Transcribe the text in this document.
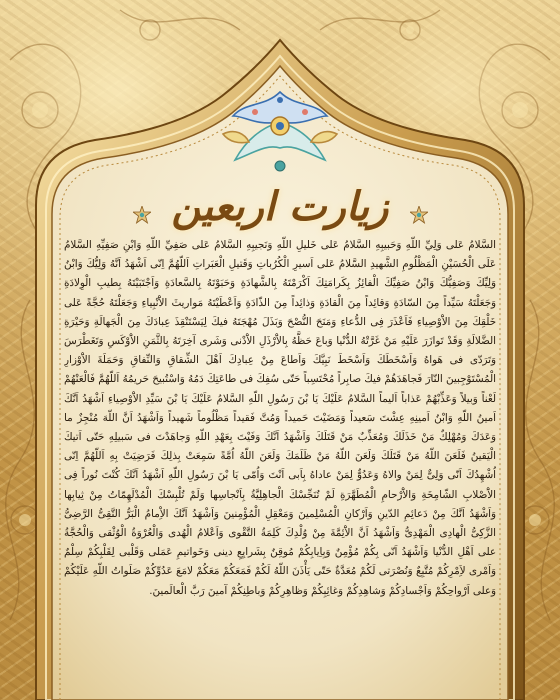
زيارت اربعين

السَّلامُ عَلى وَلِيِّ اللّهِ وَحَبيبِهِ السَّلامُ عَلى خَليلِ اللّهِ وَنَجيبِهِ السَّلامُ عَلى صَفِيِّ اللّهِ وَابْنِ صَفِيِّهِ السَّلامُ عَلَى الْحُسَيْنِ الْمَظْلُومِ الشَّهيدِ السَّلامُ عَلى اَسيرِ الْكُرُباتِ وَقَتيلِ الْعَبَراتِ اَللّهُمَّ اِنّى اَشْهَدُ اَنَّهُ وَلِيُّكَ وَابْنُ وَلِيِّكَ وَصَفِيُّكَ وَابْنُ صَفِيِّكَ الْفائِزُ بِكَرامَتِكَ اَكْرَمْتَهُ بِالشَّهادَةِ وَحَبَوْتَهُ بِالسَّعادَةِ وَاَجْتَبَيْتَهُ بِطيبِ الْوِلادَةِ وَجَعَلْتَهُ سَيِّداً مِنَ السّادَةِ وَقائِداً مِنَ الْقادَةِ وَذائِداً مِنَ الذّادَةِ وَاَعْطَيْتَهُ مَواريثَ الاَْنْبِياءِ وَجَعَلْتَهُ حُجَّةً عَلى خَلْقِكَ مِنَ الاَْوْصِياءِ فَاَعْذَرَ فِى الدُّعاءِ وَمَنَحَ النُّصْحَ وَبَذَلَ مُهْجَتَهُ فيكَ لِيَسْتَنْقِذَ عِبادَكَ مِنَ الْجَهالَةِ وَحَيْرَةِ الضَّلالَةِ وَقَدْ تَوازَرَ عَلَيْهِ مَنْ غَرَّتْهُ الدُّنْيا وَباعَ حَظَّهُ بِالاَْرْذَلِ الاَْدْنى وَشَرى آخِرَتَهُ بِالثَّمَنِ الاَْوْكَسِ وَتَغَطْرَسَ وَتَرَدّى فى هَواهُ وَاَسْخَطَكَ وَاَسْخَطَ نَبِيَّكَ وَاَطاعَ مِنْ عِبادِكَ اَهْلَ الشِّقاقِ وَالنِّفاقِ وَحَمَلَةَ الاَْوْزارِ الْمُسْتَوْجِبينَ النّارَ فَجاهَدَهُمْ فيكَ صابِراً مُحْتَسِباً حَتّى سُفِكَ فى طاعَتِكَ دَمُهُ وَاسْتُبيحَ حَريمُهُ اَللّهُمَّ فَالْعَنْهُمْ لَعْناً وَبيلاً وَعَذِّبْهُمْ عَذاباً اَليماً السَّلامُ عَلَيْكَ يَا بْنَ رَسُولِ اللّهِ السَّلامُ عَلَيْكَ يَا بْنَ سَيِّدِ الاَْوْصِياءِ اَشْهَدُ اَنَّكَ اَمينُ اللّهِ وَابْنُ اَمينِهِ عِشْتَ سَعيداً وَمَضَيْتَ حَميداً وَمُتَّ فَقيداً مَظْلُوماً شَهيداً وَاَشْهَدُ اَنَّ اللّهَ مُنْجِزٌ ما وَعَدَكَ وَمُهْلِكٌ مَنْ خَذَلَكَ وَمُعَذِّبٌ مَنْ قَتَلَكَ وَاَشْهَدُ اَنَّكَ وَفَيْتَ بِعَهْدِ اللّهِ وَجاهَدْتَ فى سَبيلِهِ حَتّى اَتيكَ الْيَقينُ فَلَعَنَ اللّهُ مَنْ قَتَلَكَ وَلَعَنَ اللّهُ مَنْ ظَلَمَكَ وَلَعَنَ اللّهُ اُمَّةً سَمِعَتْ بِذلِكَ فَرَضِيَتْ بِهِ اَللّهُمَّ اِنّى اُشْهِدُكَ اَنّى وَلِىٌّ لِمَنْ والاهُ وَعَدُوٌّ لِمَنْ عاداهُ بِاَبى اَنْتَ وَاُمّى يَا بْنَ رَسُولِ اللّهِ اَشْهَدُ اَنَّكَ كُنْتَ نُوراً فِى الاَْصْلابِ الشّامِخَةِ وَالاَْرْحامِ الْمُطَهَّرَةِ لَمْ تُنَجِّسْكَ الْجاهِلِيَّةُ بِاَنْجاسِها وَلَمْ تُلْبِسْكَ الْمُدْلَهِمّاتُ مِنْ ثِيابِها وَاَشْهَدُ اَنَّكَ مِنْ دَعائِمِ الدّينِ وَاَرْكانِ الْمُسْلِمينَ وَمَعْقِلِ الْمُؤْمِنينَ وَاَشْهَدُ اَنَّكَ الاِْمامُ الْبَرُّ التَّقِىُّ الرَّضِىُّ الزَّكِىُّ الْهادِى الْمَهْدِىُّ وَاَشْهَدُ اَنَّ الاَْئِمَّةَ مِنْ وُلْدِكَ كَلِمَةُ التَّقْوى وَاَعْلامُ الْهُدى وَالْعُرْوَةُ الْوُثْقى وَالْحُجَّةُ على اَهْلِ الدُّنْيا وَاَشْهَدُ اَنّى بِكُمْ مُؤْمِنٌ وَبِاِيابِكُمْ مُوقِنٌ بِشَرايِعِ دينى وَخَواتيمِ عَمَلى وَقَلْبى لِقَلْبِكُمْ سِلْمٌ وَاَمْرى لاَِمْرِكُمْ مُتَّبِعٌ وَنُصْرَتى لَكُمْ مُعَدَّةٌ حَتّى يَأْذَنَ اللّهُ لَكُمْ فَمَعَكُمْ مَعَكُمْ لامَعَ عَدُوِّكُمْ صَلَواتُ اللّهِ عَلَيْكُمْ وَعلى اَرْواحِكُمْ وَاَجْسادِكُمْ وَشاهِدِكُمْ وَغائِبِكُمْ وَظاهِرِكُمْ وَباطِنِكُمْ آمينَ رَبَّ الْعالَمينَ.
